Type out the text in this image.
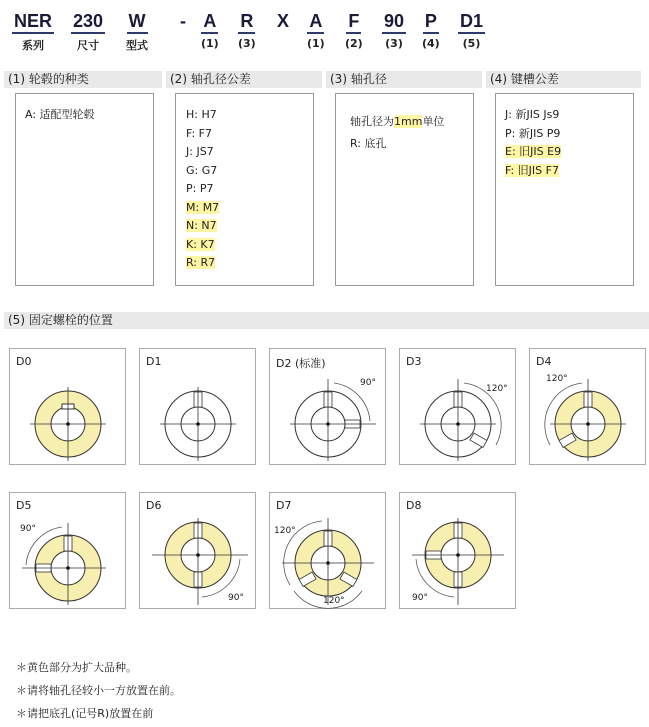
NER
系列
230
尺寸
W
型式
- A
(1)
R
(3)
X A
(1)
F
(2)
90
(3)
P
(4)
D1
(5)
(1) 轮毂的种类	(2) 轴孔径公差	(3) 轴孔径	(4) 键槽公差
A: 适配型轮毂	H: H7
F: F7
J: JS7
G: G7
P: P7
M: M7
N: N7
K: K7
R: R7
轴孔径为1mm单位
R: 底孔
J: 新JIS Js9
P: 新JIS P9
E: 旧JIS E9
F: 旧JIS F7
(5) 固定螺栓的位置
D0	D1	D2 (标准)
90°
D3
120°
D4
120°
D5
90°
D6
90°
D7
120°
120°
D8
90°
＊黄色部分为扩大品种。
＊请将轴孔径较小一方放置在前。
＊请把底孔(记号R)放置在前
